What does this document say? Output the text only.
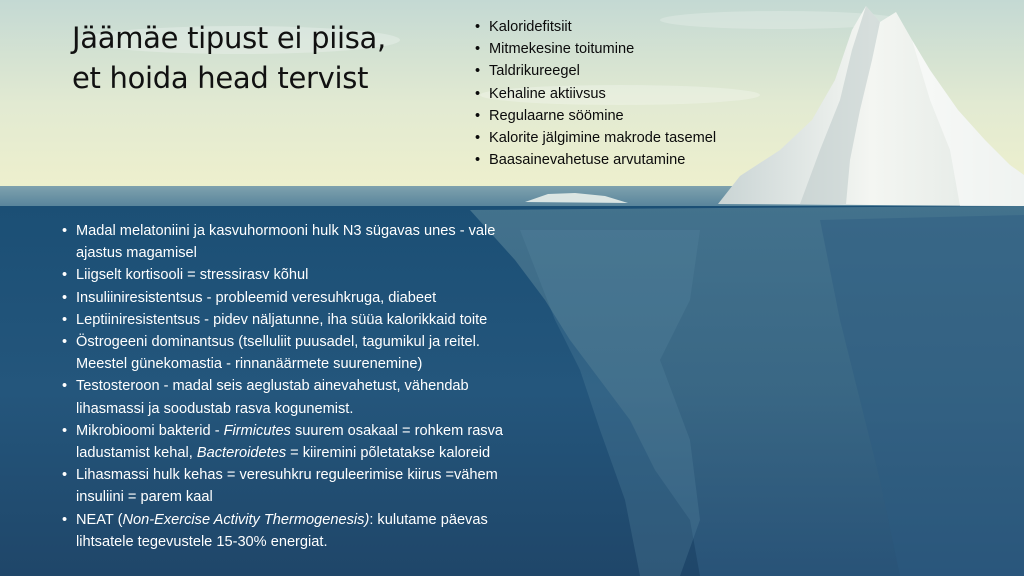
Jäämäe tipust ei piisa,
et hoida head tervist
• Kaloridefitsiit
• Mitmekesine toitumine
• Taldrikureegel
• Kehaline aktiivsus
• Regulaarne söömine
• Kalorite jälgimine makrode tasemel
• Baasainevahetuse arvutamine
• Madal melatoniini ja kasvuhormooni hulk N3 sügavas unes - vale
ajastus magamisel
• Liigselt kortisooli = stressirasv kõhul
• Insuliiniresistentsus - probleemid veresuhkruga, diabeet
• Leptiiniresistentsus - pidev näljatunne, iha süüa kalorikkaid toite
• Östrogeeni dominantsus (tselluliit puusadel, tagumikul ja reitel.
Meestel günekomastia - rinnanäärmete suurenemine)
• Testosteroon - madal seis aeglustab ainevahetust, vähendab
lihasmassi ja soodustab rasva kogunemist.
• Mikrobioomi bakterid - Firmicutes suurem osakaal = rohkem rasva
ladustamist kehal, Bacteroidetes = kiiremini põletatakse kaloreid
• Lihasmassi hulk kehas = veresuhkru reguleerimise kiirus =vähem
insuliini = parem kaal
• NEAT (Non-Exercise Activity Thermogenesis): kulutame päevas
lihtsatele tegevustele 15-30% energiat.
